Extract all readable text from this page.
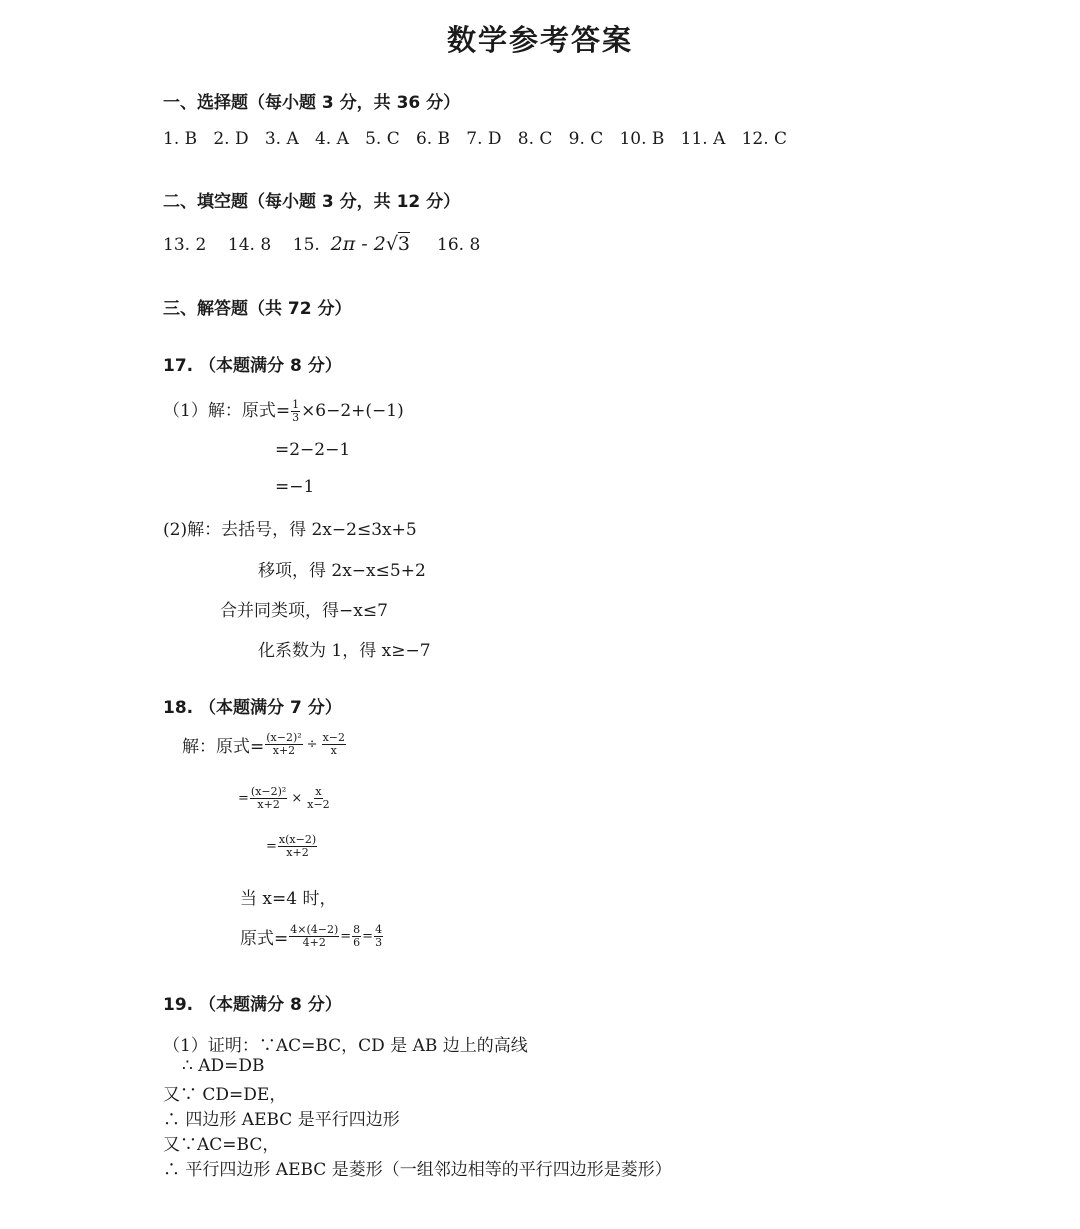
数学参考答案
一、选择题（每小题 3 分，共 36 分）
1. B 2. D 3. A 4. A 5. C 6. B 7. D 8. C 9. C 10. B 11. A 12. C
二、填空题（每小题 3 分，共 12 分）
13. 2 14. 8 15. 2π - 2√3 16. 8
三、解答题（共 72 分）
17. （本题满分 8 分）
（1）解：原式= $\frac{1}{3} \times 6-2+(-1)$
=2−2−1
=−1
(2)解：去括号，得 2x−2≤3x+5
移项，得 2x−x≤5+2
合并同类项，得−x≤7
化系数为 1，得 x≥−7
18. （本题满分 7 分）
解：原式= $\frac{\text{(x−2)²}}{x+2} \div \frac{x-2}{x}$
= $\frac{\text{(x−2)²}}{x+2} \times \frac{x}{x-2}$
= $\frac{x(x-2)}{x+2}$
当 x=4 时，
原式= $\frac{4\times(4-2)}{4+2} = \frac{8}{6} = \frac{4}{3}$
19. （本题满分 8 分）
（1）证明：∵AC=BC，CD 是 AB 边上的高线
∴ AD=DB
又∵ CD=DE，
∴ 四边形 AEBC 是平行四边形
又∵AC=BC，
∴ 平行四边形 AEBC 是菱形（一组邻边相等的平行四边形是菱形）
